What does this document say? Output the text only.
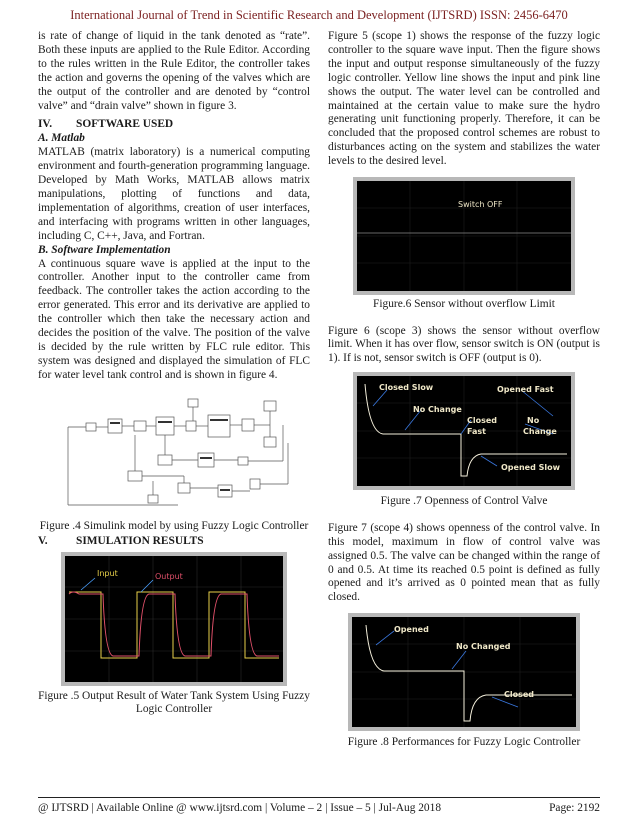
International Journal of Trend in Scientific Research and Development (IJTSRD) ISSN: 2456-6470

is rate of change of liquid in the tank denoted as “rate”. Both these inputs are applied to the Rule Editor. According to the rules written in the Rule Editor, the controller takes the action and governs the opening of the valves which are the output of the controller and are denoted by “control valve” and “drain valve” shown in figure 3.

IV. SOFTWARE USED
A. Matlab

MATLAB (matrix laboratory) is a numerical computing environment and fourth-generation programming language. Developed by Math Works, MATLAB allows matrix manipulations, plotting of functions and data, implementation of algorithms, creation of user interfaces, and interfacing with programs written in other languages, including C, C++, Java, and Fortran.

B. Software Implementation

A continuous square wave is applied at the input to the controller. Another input to the controller came from feedback. The controller takes the action according to the error generated. This error and its derivative are applied to the controller which then take the necessary action and decides the position of the valve. The position of the valve is decided by the rule written by FLC rule editor. This system was designed and displayed the simulation of FLC for water level tank control and is shown in figure 4.

Figure .4 Simulink model by using Fuzzy Logic Controller
V. SIMULATION RESULTS
Input	Output
Figure .5 Output Result of Water Tank System Using Fuzzy Logic Controller

Figure 5 (scope 1) shows the response of the fuzzy logic controller to the square wave input. Then the figure shows the input and output response simultaneously of the fuzzy logic controller. Yellow line shows the input and pink line shows the output. The water level can be controlled and maintained at the certain value to make sure the hydro generating unit functioning properly. Therefore, it can be concluded that the proposed control schemes are robust to disturbances acting on the system and stabilizes the water levels to the desired level.

Switch OFF
Figure.6 Sensor without overflow Limit

Figure 6 (scope 3) shows the sensor without overflow limit. When it has over flow, sensor switch is ON (output is 1). If is not, sensor switch is OFF (output is 0).

Closed Slow
No Change
Closed
Fast
Opened Fast
No
Change
Opened Slow
Figure .7 Openness of Control Valve

Figure 7 (scope 4) shows openness of the control valve. In this model, maximum in flow of control valve was assigned 0.5. The valve can be changed within the range of 0 and 0.5. At time its reached 0.5 point is defined as fully opened and it’s arrived as 0 pointed mean that as fully closed.

Opened
No Changed
Closed
Figure .8 Performances for Fuzzy Logic Controller
@ IJTSRD | Available Online @ www.ijtsrd.com | Volume – 2 | Issue – 5 | Jul-Aug 2018	Page: 2192
